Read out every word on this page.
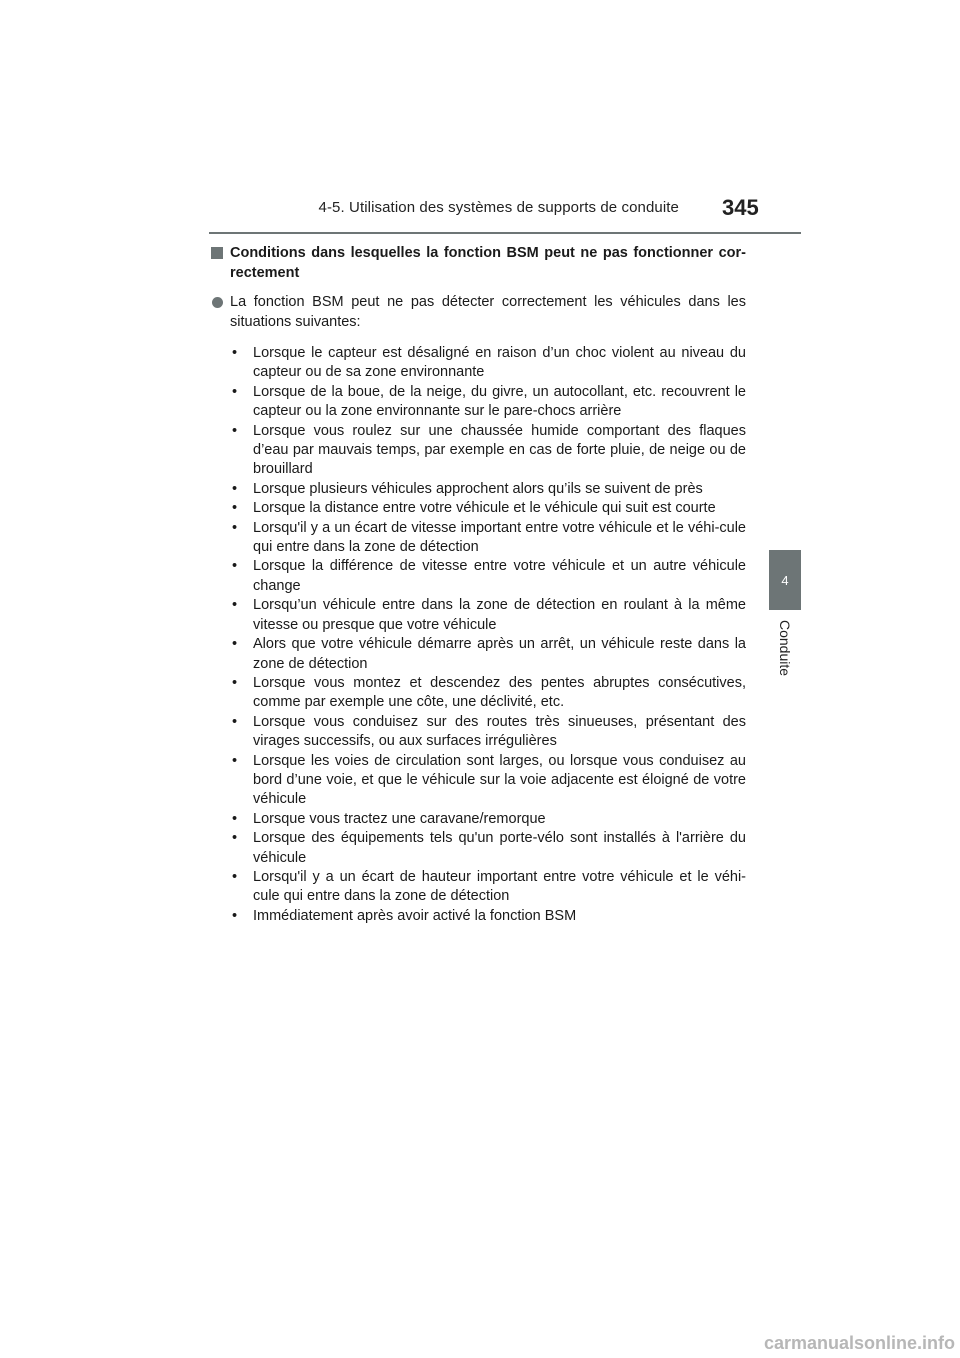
4-5. Utilisation des systèmes de supports de conduite 345
4
Conduite
Conditions dans lesquelles la fonction BSM peut ne pas fonctionner cor-rectement
La fonction BSM peut ne pas détecter correctement les véhicules dans les situations suivantes:
• Lorsque le capteur est désaligné en raison d’un choc violent au niveau du capteur ou de sa zone environnante
• Lorsque de la boue, de la neige, du givre, un autocollant, etc. recouvrent le capteur ou la zone environnante sur le pare-chocs arrière
• Lorsque vous roulez sur une chaussée humide comportant des flaques d’eau par mauvais temps, par exemple en cas de forte pluie, de neige ou de brouillard
• Lorsque plusieurs véhicules approchent alors qu’ils se suivent de près
• Lorsque la distance entre votre véhicule et le véhicule qui suit est courte
• Lorsqu'il y a un écart de vitesse important entre votre véhicule et le véhi-cule qui entre dans la zone de détection
• Lorsque la différence de vitesse entre votre véhicule et un autre véhicule change
• Lorsqu’un véhicule entre dans la zone de détection en roulant à la même vitesse ou presque que votre véhicule
• Alors que votre véhicule démarre après un arrêt, un véhicule reste dans la zone de détection
• Lorsque vous montez et descendez des pentes abruptes consécutives, comme par exemple une côte, une déclivité, etc.
• Lorsque vous conduisez sur des routes très sinueuses, présentant des virages successifs, ou aux surfaces irrégulières
• Lorsque les voies de circulation sont larges, ou lorsque vous conduisez au bord d’une voie, et que le véhicule sur la voie adjacente est éloigné de votre véhicule
• Lorsque vous tractez une caravane/remorque
• Lorsque des équipements tels qu'un porte-vélo sont installés à l'arrière du véhicule
• Lorsqu'il y a un écart de hauteur important entre votre véhicule et le véhi-cule qui entre dans la zone de détection
• Immédiatement après avoir activé la fonction BSM
carmanualsonline.info
